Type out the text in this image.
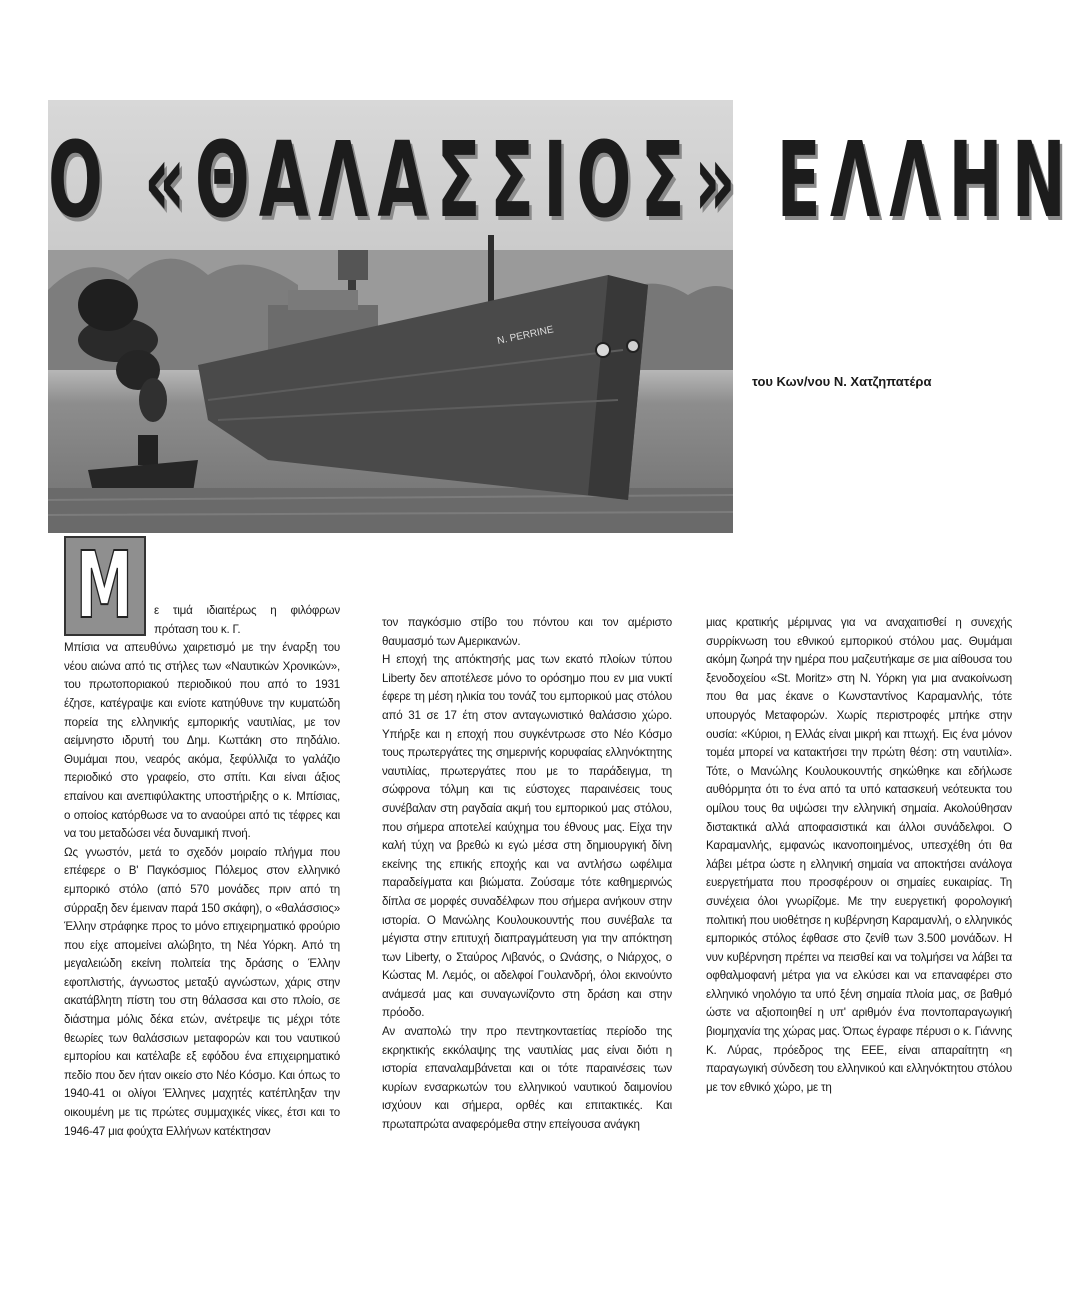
N. PERRINE
Ο «ΘΑΛΑΣΣΙΟΣ» ΕΛΛΗΝ
του Κων/νου Ν. Χατζηπατέρα
Μ ε τιμά ιδιαιτέρως η φιλόφρων πρόταση του κ. Γ.

Μπίσια να απευθύνω χαιρετισμό με την έναρξη του νέου αιώνα από τις στήλες των «Ναυτικών Χρονικών», του πρωτοποριακού περιοδικού που από το 1931 έζησε, κατέγραψε και ενίοτε κατηύθυνε την κυματώδη πορεία της ελληνικής εμπορικής ναυτιλίας, με τον αείμνηστο ιδρυτή του Δημ. Κωττάκη στο πηδάλιο. Θυμάμαι που, νεαρός ακόμα, ξεφύλλιζα το γαλάζιο περιοδικό στο γραφείο, στο σπίτι. Και είναι άξιος επαίνου και ανεπιφύλακτης υποστήριξης ο κ. Μπίσιας, ο οποίος κατόρθωσε να το αναούρει από τις τέφρες και να του μεταδώσει νέα δυναμική πνοή.

Ως γνωστόν, μετά το σχεδόν μοιραίο πλήγμα που επέφερε ο Β' Παγκόσμιος Πόλεμος στον ελληνικό εμπορικό στόλο (από 570 μονάδες πριν από τη σύρραξη δεν έμειναν παρά 150 σκάφη), ο «θαλάσσιος» Έλλην στράφηκε προς το μόνο επιχειρηματικό φρούριο που είχε απομείνει αλώβητο, τη Νέα Υόρκη. Από τη μεγαλειώδη εκείνη πολιτεία της δράσης ο Έλλην εφοπλιστής, άγνωστος μεταξύ αγνώστων, χάρις στην ακατάβλητη πίστη του στη θάλασσα και στο πλοίο, σε διάστημα μόλις δέκα ετών, ανέτρεψε τις μέχρι τότε θεωρίες των θαλάσσιων μεταφορών και του ναυτικού εμπορίου και κατέλαβε εξ εφόδου ένα επιχειρηματικό πεδίο που δεν ήταν οικείο στο Νέο Κόσμο. Και όπως το 1940-41 οι ολίγοι Έλληνες μαχητές κατέπληξαν την οικουμένη με τις πρώτες συμμαχικές νίκες, έτσι και το 1946-47 μια φούχτα Ελλήνων κατέκτησαν

τον παγκόσμιο στίβο του πόντου και τον αμέριστο θαυμασμό των Αμερικανών.

Η εποχή της απόκτησής μας των εκατό πλοίων τύπου Liberty δεν αποτέλεσε μόνο το ορόσημο που εν μια νυκτί έφερε τη μέση ηλικία του τονάζ του εμπορικού μας στόλου από 31 σε 17 έτη στον ανταγωνιστικό θαλάσσιο χώρο. Υπήρξε και η εποχή που συγκέντρωσε στο Νέο Κόσμο τους πρωτεργάτες της σημερινής κορυφαίας ελληνόκτητης ναυτιλίας, πρωτεργάτες που με το παράδειγμα, τη σώφρονα τόλμη και τις εύστοχες παραινέσεις τους συνέβαλαν στη ραγδαία ακμή του εμπορικού μας στόλου, που σήμερα αποτελεί καύχημα του έθνους μας. Είχα την καλή τύχη να βρεθώ κι εγώ μέσα στη δημιουργική δίνη εκείνης της επικής εποχής και να αντλήσω ωφέλιμα παραδείγματα και βιώματα. Ζούσαμε τότε καθημερινώς δίπλα σε μορφές συναδέλφων που σήμερα ανήκουν στην ιστορία. Ο Μανώλης Κουλουκουντής που συνέβαλε τα μέγιστα στην επιτυχή διαπραγμάτευση για την απόκτηση των Liberty, ο Σταύρος Λιβανός, ο Ωνάσης, ο Νιάρχος, ο Κώστας Μ. Λεμός, οι αδελφοί Γουλανδρή, όλοι εκινούντο ανάμεσά μας και συναγωνίζοντο στη δράση και στην πρόοδο.

Αν αναπολώ την προ πεντηκονταετίας περίοδο της εκρηκτικής εκκόλαψης της ναυτιλίας μας είναι διότι η ιστορία επαναλαμβάνεται και οι τότε παραινέσεις των κυρίων ενσαρκωτών του ελληνικού ναυτικού δαιμονίου ισχύουν και σήμερα, ορθές και επιτακτικές. Και πρωταπρώτα αναφερόμεθα στην επείγουσα ανάγκη

μιας κρατικής μέριμνας για να αναχαιτισθεί η συνεχής συρρίκνωση του εθνικού εμπορικού στόλου μας. Θυμάμαι ακόμη ζωηρά την ημέρα που μαζευτήκαμε σε μια αίθουσα του ξενοδοχείου «St. Moritz» στη Ν. Υόρκη για μια ανακοίνωση που θα μας έκανε ο Κωνσταντίνος Καραμανλής, τότε υπουργός Μεταφορών. Χωρίς περιστροφές μπήκε στην ουσία: «Κύριοι, η Ελλάς είναι μικρή και πτωχή. Εις ένα μόνον τομέα μπορεί να κατακτήσει την πρώτη θέση: στη ναυτιλία». Τότε, ο Μανώλης Κουλουκουντής σηκώθηκε και εδήλωσε αυθόρμητα ότι το ένα από τα υπό κατασκευή νεότευκτα του ομίλου τους θα υψώσει την ελληνική σημαία. Ακολούθησαν διστακτικά αλλά αποφασιστικά και άλλοι συνάδελφοι. Ο Καραμανλής, εμφανώς ικανοποιημένος, υπεσχέθη ότι θα λάβει μέτρα ώστε η ελληνική σημαία να αποκτήσει ανάλογα ευεργετήματα που προσφέρουν οι σημαίες ευκαιρίας. Τη συνέχεια όλοι γνωρίζομε. Με την ευεργετική φορολογική πολιτική που υιοθέτησε η κυβέρνηση Καραμανλή, ο ελληνικός εμπορικός στόλος έφθασε στο ζενίθ των 3.500 μονάδων. Η νυν κυβέρνηση πρέπει να πεισθεί και να τολμήσει να λάβει τα οφθαλμοφανή μέτρα για να ελκύσει και να επαναφέρει στο ελληνικό νηολόγιο τα υπό ξένη σημαία πλοία μας, σε βαθμό ώστε να αξιοποιηθεί η υπ' αριθμόν ένα ποντοπαραγωγική βιομηχανία της χώρας μας. Όπως έγραφε πέρυσι ο κ. Γιάννης Κ. Λύρας, πρόεδρος της ΕΕΕ, είναι απαραίτητη «η παραγωγική σύνδεση του ελληνικού και ελληνόκτητου στόλου με τον εθνικό χώρο, με τη
